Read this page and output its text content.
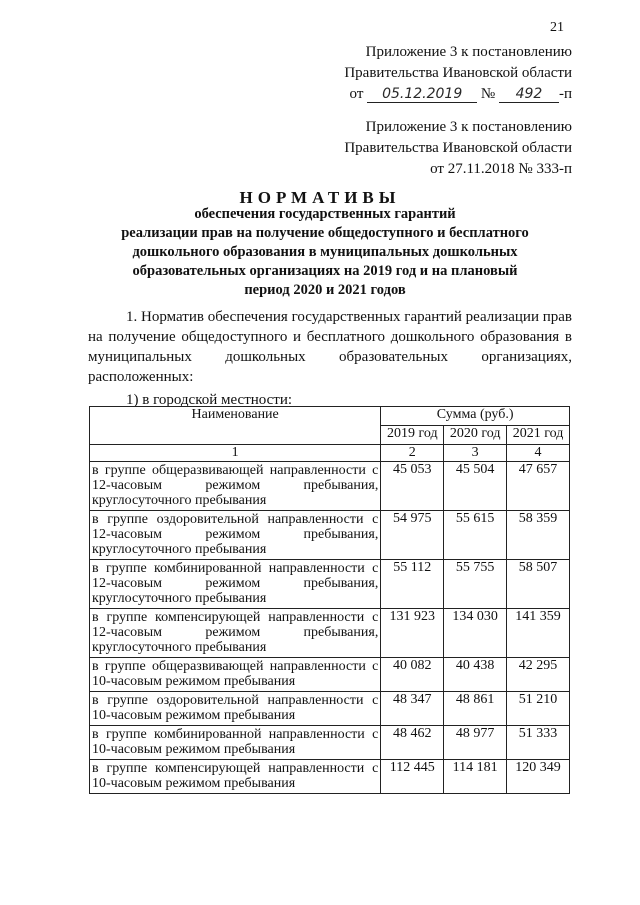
21
Приложение 3 к постановлению
Правительства Ивановской области
от 05.12.2019 № 492 -п
Приложение 3 к постановлению
Правительства Ивановской области
от 27.11.2018 № 333-п
НОРМАТИВЫ
обеспечения государственных гарантий
реализации прав на получение общедоступного и бесплатного
дошкольного образования в муниципальных дошкольных
образовательных организациях на 2019 год и на плановый
период 2020 и 2021 годов
1. Норматив обеспечения государственных гарантий реализации прав на получение общедоступного и бесплатного дошкольного образования в муниципальных дошкольных образовательных организациях, расположенных:
1) в городской местности:
Наименование	Сумма (руб.)		
	2019 год	2020 год	2021 год
1	2	3	4
в группе общеразвивающей направленности с 12-часовым режимом пребывания, круглосуточного пребывания	45 053	45 504	47 657
в группе оздоровительной направленности с 12-часовым режимом пребывания, круглосуточного пребывания	54 975	55 615	58 359
в группе комбинированной направленности с 12-часовым режимом пребывания, круглосуточного пребывания	55 112	55 755	58 507
в группе компенсирующей направленности с 12-часовым режимом пребывания, круглосуточного пребывания	131 923	134 030	141 359
в группе общеразвивающей направленности с 10-часовым режимом пребывания	40 082	40 438	42 295
в группе оздоровительной направленности с 10-часовым режимом пребывания	48 347	48 861	51 210
в группе комбинированной направленности с 10-часовым режимом пребывания	48 462	48 977	51 333
в группе компенсирующей направленности с 10-часовым режимом пребывания	112 445	114 181	120 349
